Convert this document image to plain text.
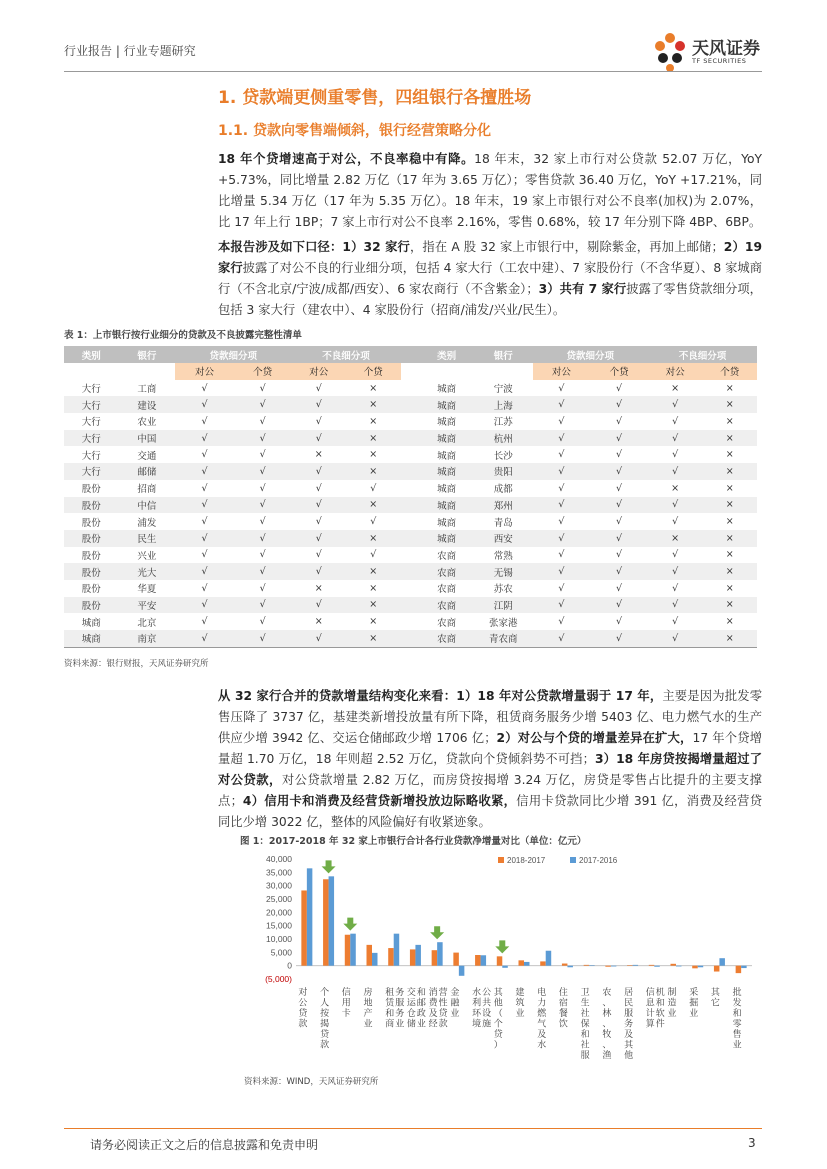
行业报告 | 行业专题研究	天风证券
TF SECURITIES
1. 贷款端更侧重零售，四组银行各擅胜场
1.1. 贷款向零售端倾斜，银行经营策略分化
18 年个贷增速高于对公，不良率稳中有降。18 年末，32 家上市行对公贷款 52.07 万亿，YoY +5.73%，同比增量 2.82 万亿（17 年为 3.65 万亿）；零售贷款 36.40 万亿，YoY +17.21%，同比增量 5.34 万亿（17 年为 5.35 万亿）。18 年末，19 家上市银行对公不良率(加权)为 2.07%，比 17 年上行 1BP；7 家上市行对公不良率 2.16%，零售 0.68%，较 17 年分别下降 4BP、6BP。
本报告涉及如下口径：1）32 家行，指在 A 股 32 家上市银行中，剔除紫金，再加上邮储；2）19 家行披露了对公不良的行业细分项，包括 4 家大行（工农中建）、7 家股份行（不含华夏）、8 家城商行（不含北京/宁波/成都/西安）、6 家农商行（不含紫金）；3）共有 7 家行披露了零售贷款细分项，包括 3 家大行（建农中）、4 家股份行（招商/浦发/兴业/民生）。
表 1：上市银行按行业细分的贷款及不良披露完整性清单
类别	银行	贷款细分项		不良细分项			类别	银行	贷款细分项		不良细分项	
		对公	个贷	对公	个贷				对公	个贷	对公	个贷
大行	工商	√	√	√	×		城商	宁波	√	√	×	×
大行	建设	√	√	√	×		城商	上海	√	√	√	×
大行	农业	√	√	√	×		城商	江苏	√	√	√	×
大行	中国	√	√	√	×		城商	杭州	√	√	√	×
大行	交通	√	√	×	×		城商	长沙	√	√	√	×
大行	邮储	√	√	√	×		城商	贵阳	√	√	√	×
股份	招商	√	√	√	√		城商	成都	√	√	×	×
股份	中信	√	√	√	×		城商	郑州	√	√	√	×
股份	浦发	√	√	√	√		城商	青岛	√	√	√	×
股份	民生	√	√	√	×		城商	西安	√	√	×	×
股份	兴业	√	√	√	√		农商	常熟	√	√	√	×
股份	光大	√	√	√	×		农商	无锡	√	√	√	×
股份	华夏	√	√	×	×		农商	苏农	√	√	√	×
股份	平安	√	√	√	×		农商	江阴	√	√	√	×
城商	北京	√	√	×	×		农商	张家港	√	√	√	×
城商	南京	√	√	√	×		农商	青农商	√	√	√	×
资料来源：银行财报，天风证券研究所
从 32 家行合并的贷款增量结构变化来看：1）18 年对公贷款增量弱于 17 年，主要是因为批发零售压降了 3737 亿，基建类新增投放量有所下降，租赁商务服务少增 5403 亿、电力燃气水的生产供应少增 3942 亿、交运仓储邮政少增 1706 亿；2）对公与个贷的增量差异在扩大，17 年个贷增量超 1.70 万亿，18 年则超 2.52 万亿，贷款向个贷倾斜势不可挡；3）18 年房贷按揭增量超过了对公贷款，对公贷款增量 2.82 万亿，而房贷按揭增 3.24 万亿，房贷是零售占比提升的主要支撑点；4）信用卡和消费及经营贷新增投放边际略收紧，信用卡贷款同比少增 391 亿，消费及经营贷同比少增 3022 亿，整体的风险偏好有收紧迹象。
图 1：2017-2018 年 32 家上市银行合计各行业贷款净增量对比（单位：亿元）
40,000
35,000
30,000
25,000
20,000
15,000
10,000
5,000
0
(5,000)
2018-2017	2017-2016
对
公
贷
款
个
人
按
揭
贷
款
信
用
卡
房
地
产
业
租
赁
和
商
务
服
务
业
交
运
仓
储
和
邮
政
业
消
费
及
经
营
性
贷
款
金
融
业
水
利
环
境
公
共
设
施
其
他
（
个
贷
）
建
筑
业
电
力
燃
气
及
水
住
宿
餐
饮
卫
生
社
保
和
社
服
农
、
林
、
牧
、
渔
居
民
服
务
及
其
他
信
息
计
算
机
和
软
件
制
造
业
采
掘
业
其
它
批
发
和
零
售
业
资料来源：WIND，天风证券研究所
请务必阅读正文之后的信息披露和免责申明	3
